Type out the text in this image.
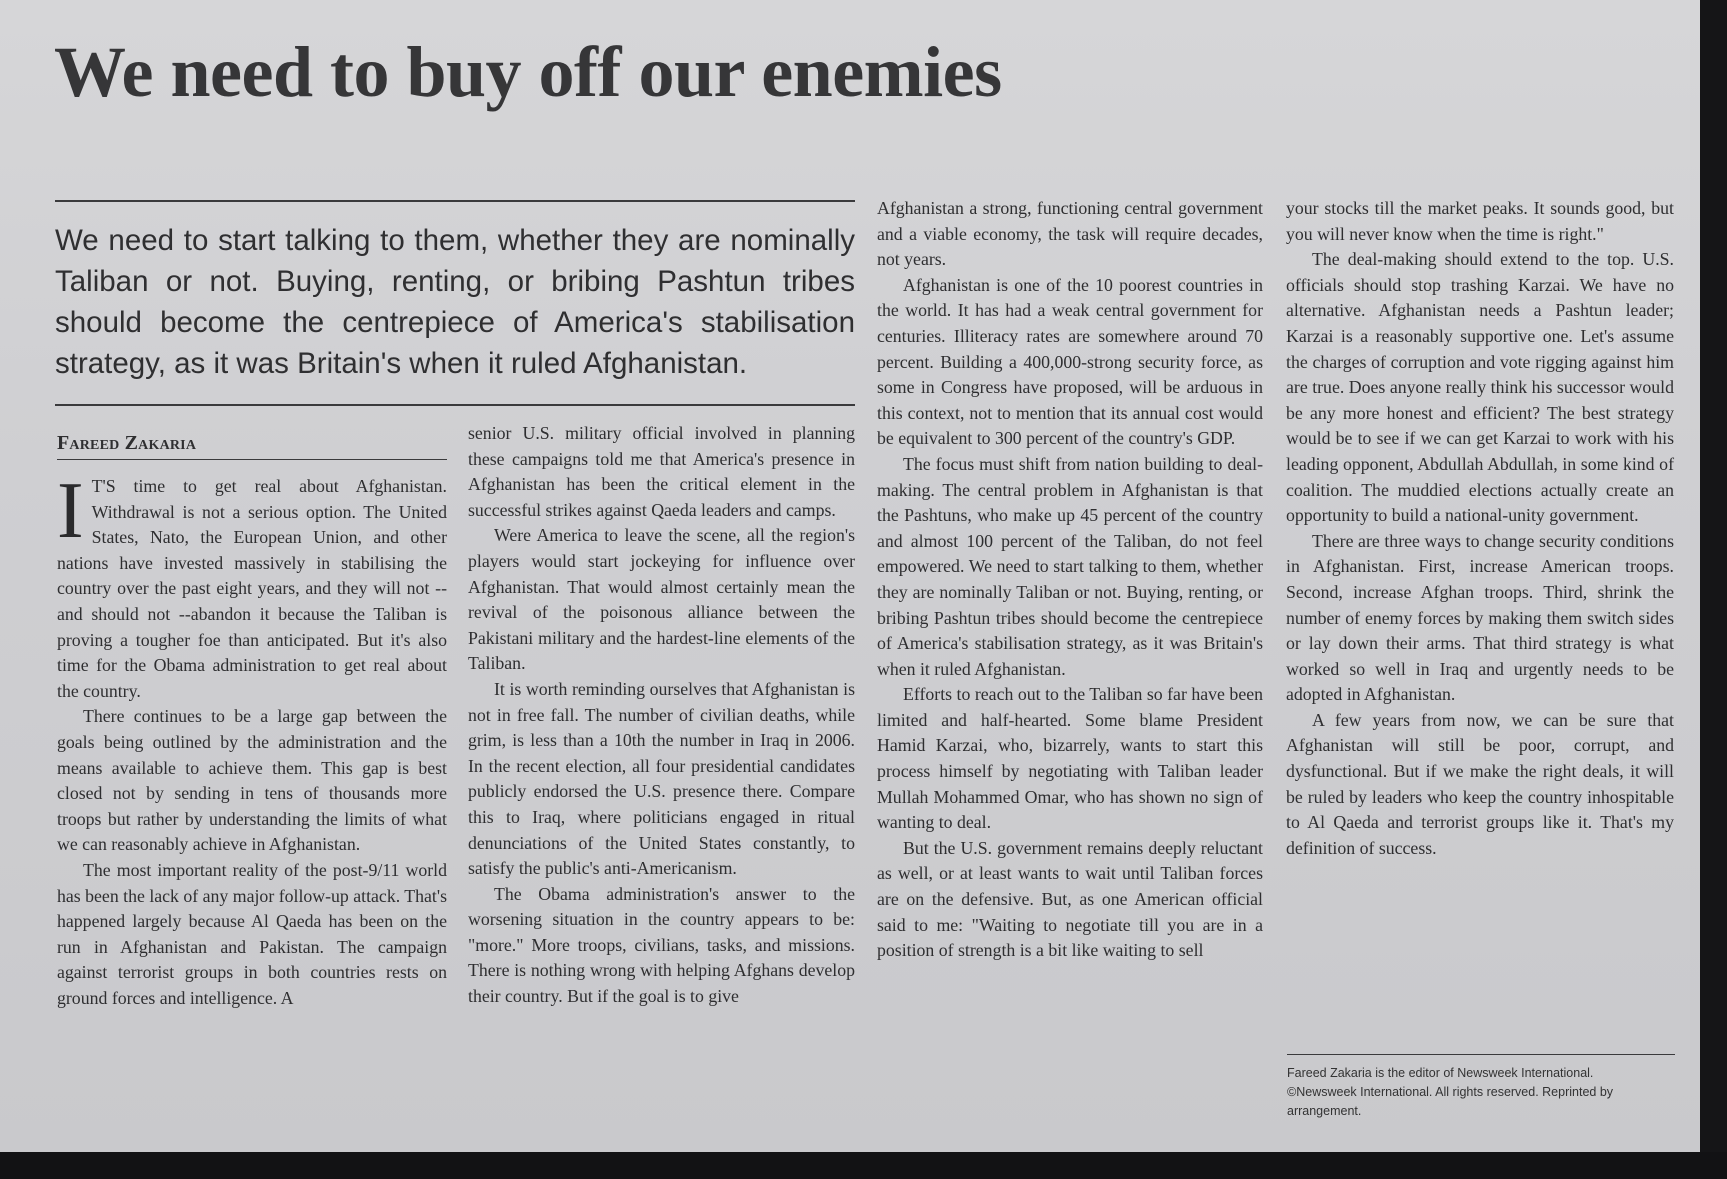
We need to buy off our enemies

We need to start talking to them, whether they are nominally Taliban or not. Buying, renting, or bribing Pashtun tribes should become the centrepiece of America's stabilisation strategy, as it was Britain's when it ruled Afghanistan.

Fareed Zakaria

I T'S time to get real about Afghanistan. Withdrawal is not a serious option. The United States, Nato, the European Union, and other nations have invested massively in stabilising the country over the past eight years, and they will not -- and should not --abandon it because the Taliban is proving a tougher foe than anticipated. But it's also time for the Obama administration to get real about the country.

There continues to be a large gap between the goals being outlined by the administration and the means available to achieve them. This gap is best closed not by sending in tens of thousands more troops but rather by understanding the limits of what we can reasonably achieve in Afghanistan.

The most important reality of the post-9/11 world has been the lack of any major follow-up attack. That's happened largely because Al Qaeda has been on the run in Afghanistan and Pakistan. The campaign against terrorist groups in both countries rests on ground forces and intelligence. A

senior U.S. military official involved in planning these campaigns told me that America's presence in Afghanistan has been the critical element in the successful strikes against Qaeda leaders and camps.

Were America to leave the scene, all the region's players would start jockeying for influence over Afghanistan. That would almost certainly mean the revival of the poisonous alliance between the Pakistani military and the hardest-line elements of the Taliban.

It is worth reminding ourselves that Afghanistan is not in free fall. The number of civilian deaths, while grim, is less than a 10th the number in Iraq in 2006. In the recent election, all four presidential candidates publicly endorsed the U.S. presence there. Compare this to Iraq, where politicians engaged in ritual denunciations of the United States constantly, to satisfy the public's anti-Americanism.

The Obama administration's answer to the worsening situation in the country appears to be: "more." More troops, civilians, tasks, and missions. There is nothing wrong with helping Afghans develop their country. But if the goal is to give

Afghanistan a strong, functioning central government and a viable economy, the task will require decades, not years.

Afghanistan is one of the 10 poorest countries in the world. It has had a weak central government for centuries. Illiteracy rates are somewhere around 70 percent. Building a 400,000-strong security force, as some in Congress have proposed, will be arduous in this context, not to mention that its annual cost would be equivalent to 300 percent of the country's GDP.

The focus must shift from nation building to deal-making. The central problem in Afghanistan is that the Pashtuns, who make up 45 percent of the country and almost 100 percent of the Taliban, do not feel empowered. We need to start talking to them, whether they are nominally Taliban or not. Buying, renting, or bribing Pashtun tribes should become the centrepiece of America's stabilisation strategy, as it was Britain's when it ruled Afghanistan.

Efforts to reach out to the Taliban so far have been limited and half-hearted. Some blame President Hamid Karzai, who, bizarrely, wants to start this process himself by negotiating with Taliban leader Mullah Mohammed Omar, who has shown no sign of wanting to deal.

But the U.S. government remains deeply reluctant as well, or at least wants to wait until Taliban forces are on the defensive. But, as one American official said to me: "Waiting to negotiate till you are in a position of strength is a bit like waiting to sell

your stocks till the market peaks. It sounds good, but you will never know when the time is right."

The deal-making should extend to the top. U.S. officials should stop trashing Karzai. We have no alternative. Afghanistan needs a Pashtun leader; Karzai is a reasonably supportive one. Let's assume the charges of corruption and vote rigging against him are true. Does anyone really think his successor would be any more honest and efficient? The best strategy would be to see if we can get Karzai to work with his leading opponent, Abdullah Abdullah, in some kind of coalition. The muddied elections actually create an opportunity to build a national-unity government.

There are three ways to change security conditions in Afghanistan. First, increase American troops. Second, increase Afghan troops. Third, shrink the number of enemy forces by making them switch sides or lay down their arms. That third strategy is what worked so well in Iraq and urgently needs to be adopted in Afghanistan.

A few years from now, we can be sure that Afghanistan will still be poor, corrupt, and dysfunctional. But if we make the right deals, it will be ruled by leaders who keep the country inhospitable to Al Qaeda and terrorist groups like it. That's my definition of success.

Fareed Zakaria is the editor of Newsweek International.

©Newsweek International. All rights reserved. Reprinted by arrangement.
